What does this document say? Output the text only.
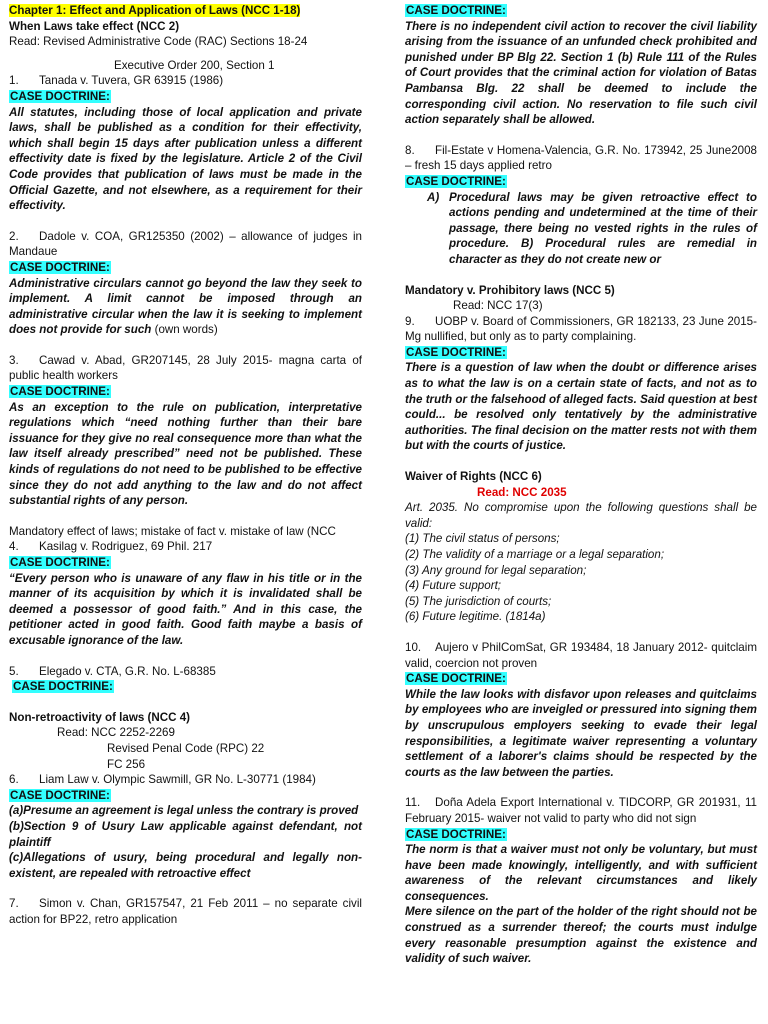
Chapter 1: Effect and Application of Laws (NCC 1-18)

When Laws take effect (NCC 2)

Read: Revised Administrative Code (RAC) Sections 18-24

Executive Order 200, Section 1

1. Tanada v. Tuvera, GR 63915 (1986)

CASE DOCTRINE:

All statutes, including those of local application and private laws, shall be published as a condition for their effectivity, which shall begin 15 days after publication unless a different effectivity date is fixed by the legislature. Article 2 of the Civil Code provides that publication of laws must be made in the Official Gazette, and not elsewhere, as a requirement for their effectivity.

2. Dadole v. COA, GR125350 (2002) – allowance of judges in Mandaue

CASE DOCTRINE:

Administrative circulars cannot go beyond the law they seek to implement. A limit cannot be imposed through an administrative circular when the law it is seeking to implement does not provide for such (own words)

3. Cawad v. Abad, GR207145, 28 July 2015- magna carta of public health workers

CASE DOCTRINE:

As an exception to the rule on publication, interpretative regulations which “need nothing further than their bare issuance for they give no real consequence more than what the law itself already prescribed” need not be published. These kinds of regulations do not need to be published to be effective since they do not add anything to the law and do not affect substantial rights of any person.

Mandatory effect of laws; mistake of fact v. mistake of law (NCC

4. Kasilag v. Rodriguez, 69 Phil. 217

CASE DOCTRINE:

“Every person who is unaware of any flaw in his title or in the manner of its acquisition by which it is invalidated shall be deemed a possessor of good faith.” And in this case, the petitioner acted in good faith. Good faith maybe a basis of excusable ignorance of the law.

5. Elegado v. CTA, G.R. No. L-68385

CASE DOCTRINE:

Non-retroactivity of laws (NCC 4)

Read: NCC 2252-2269

Revised Penal Code (RPC) 22

FC 256

6. Liam Law v. Olympic Sawmill, GR No. L-30771 (1984)

CASE DOCTRINE:

(a)Presume an agreement is legal unless the contrary is proved

(b)Section 9 of Usury Law applicable against defendant, not plaintiff

(c)Allegations of usury, being procedural and legally non-existent, are repealed with retroactive effect

7. Simon v. Chan, GR157547, 21 Feb 2011 – no separate civil action for BP22, retro application

CASE DOCTRINE:

There is no independent civil action to recover the civil liability arising from the issuance of an unfunded check prohibited and punished under BP Blg 22. Section 1 (b) Rule 111 of the Rules of Court provides that the criminal action for violation of Batas Pambansa Blg. 22 shall be deemed to include the corresponding civil action. No reservation to file such civil action separately shall be allowed.

8. Fil-Estate v Homena-Valencia, G.R. No. 173942, 25 June2008 – fresh 15 days applied retro

CASE DOCTRINE:

A) Procedural laws may be given retroactive effect to actions pending and undetermined at the time of their passage, there being no vested rights in the rules of procedure. B) Procedural rules are remedial in character as they do not create new or

Mandatory v. Prohibitory laws (NCC 5)

Read: NCC 17(3)

9. UOBP v. Board of Commissioners, GR 182133, 23 June 2015- Mg nullified, but only as to party complaining.

CASE DOCTRINE:

There is a question of law when the doubt or difference arises as to what the law is on a certain state of facts, and not as to the truth or the falsehood of alleged facts. Said question at best could... be resolved only tentatively by the administrative authorities. The final decision on the matter rests not with them but with the courts of justice.

Waiver of Rights (NCC 6)

Read: NCC 2035

Art. 2035. No compromise upon the following questions shall be valid:

(1) The civil status of persons;

(2) The validity of a marriage or a legal separation;

(3) Any ground for legal separation;

(4) Future support;

(5) The jurisdiction of courts;

(6) Future legitime. (1814a)

10. Aujero v PhilComSat, GR 193484, 18 January 2012- quitclaim valid, coercion not proven

CASE DOCTRINE:

While the law looks with disfavor upon releases and quitclaims by employees who are inveigled or pressured into signing them by unscrupulous employers seeking to evade their legal responsibilities, a legitimate waiver representing a voluntary settlement of a laborer's claims should be respected by the courts as the law between the parties.

11. Doña Adela Export International v. TIDCORP, GR 201931, 11 February 2015- waiver not valid to party who did not sign

CASE DOCTRINE:

The norm is that a waiver must not only be voluntary, but must have been made knowingly, intelligently, and with sufficient awareness of the relevant circumstances and likely consequences.

Mere silence on the part of the holder of the right should not be construed as a surrender thereof; the courts must indulge every reasonable presumption against the existence and validity of such waiver.
